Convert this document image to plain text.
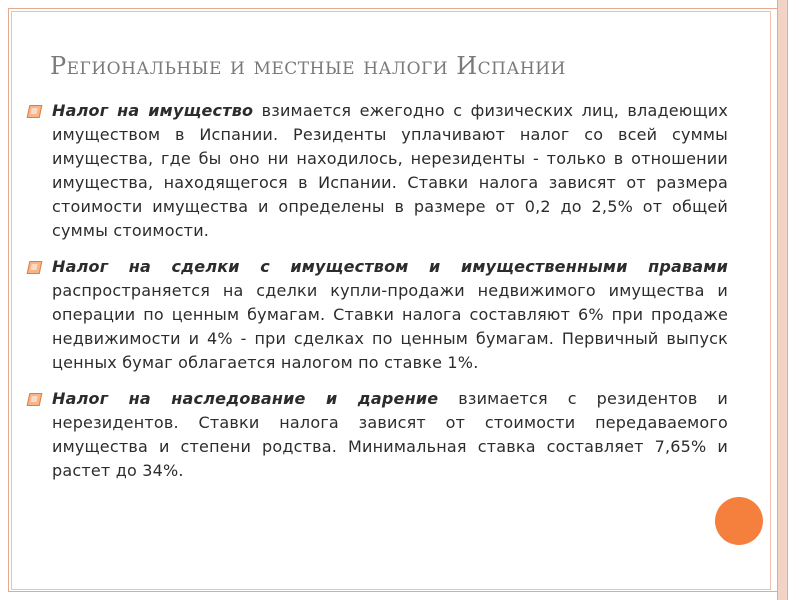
Региональные и местные налоги Испании
Налог на имущество взимается ежегодно с физических лиц, владеющих имуществом в Испании. Резиденты уплачивают налог со всей суммы имущества, где бы оно ни находилось, нерезиденты - только в отношении имущества, находящегося в Испании. Ставки налога зависят от размера стоимости имущества и определены в размере от 0,2 до 2,5% от общей суммы стоимости.
Налог на сделки с имуществом и имущественными правами распространяется на сделки купли-продажи недвижимого имущества и операции по ценным бумагам. Ставки налога составляют 6% при продаже недвижимости и 4% - при сделках по ценным бумагам. Первичный выпуск ценных бумаг облагается налогом по ставке 1%.
Налог на наследование и дарение взимается с резидентов и нерезидентов. Ставки налога зависят от стоимости передаваемого имущества и степени родства. Минимальная ставка составляет 7,65% и растет до 34%.
